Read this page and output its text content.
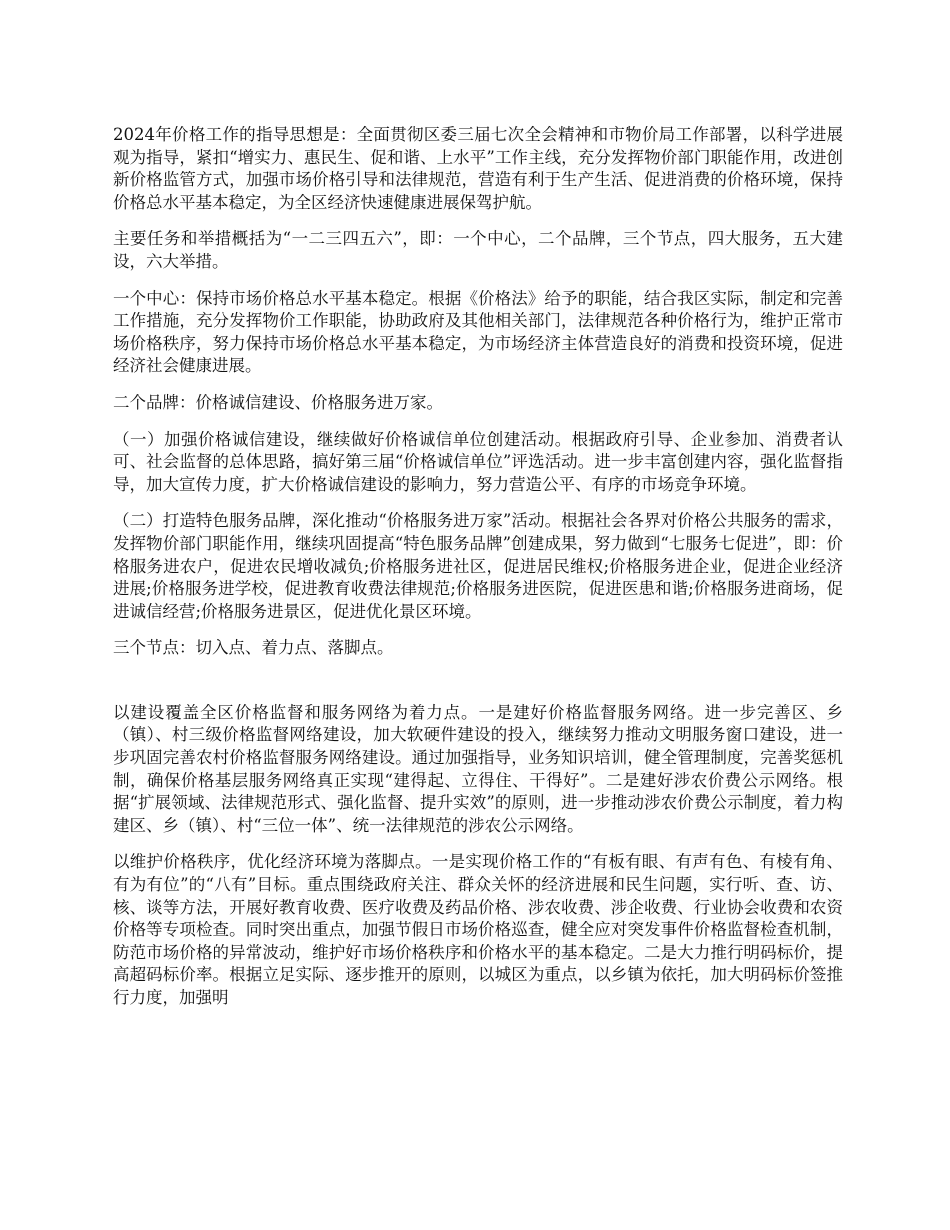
2024年价格工作的指导思想是：全面贯彻区委三届七次全会精神和市物价局工作部署，以科学进展观为指导，紧扣“增实力、惠民生、促和谐、上水平”工作主线，充分发挥物价部门职能作用，改进创新价格监管方式，加强市场价格引导和法律规范，营造有利于生产生活、促进消费的价格环境，保持价格总水平基本稳定，为全区经济快速健康进展保驾护航。

主要任务和举措概括为“一二三四五六”，即：一个中心，二个品牌，三个节点，四大服务，五大建设，六大举措。

一个中心：保持市场价格总水平基本稳定。根据《价格法》给予的职能，结合我区实际，制定和完善工作措施，充分发挥物价工作职能，协助政府及其他相关部门，法律规范各种价格行为，维护正常市场价格秩序，努力保持市场价格总水平基本稳定，为市场经济主体营造良好的消费和投资环境，促进经济社会健康进展。

二个品牌：价格诚信建设、价格服务进万家。

（一）加强价格诚信建设，继续做好价格诚信单位创建活动。根据政府引导、企业参加、消费者认可、社会监督的总体思路，搞好第三届“价格诚信单位”评选活动。进一步丰富创建内容，强化监督指导，加大宣传力度，扩大价格诚信建设的影响力，努力营造公平、有序的市场竞争环境。

（二）打造特色服务品牌，深化推动“价格服务进万家”活动。根据社会各界对价格公共服务的需求，发挥物价部门职能作用，继续巩固提高“特色服务品牌”创建成果，努力做到“七服务七促进”，即：价格服务进农户，促进农民增收减负;价格服务进社区，促进居民维权;价格服务进企业，促进企业经济进展;价格服务进学校，促进教育收费法律规范;价格服务进医院，促进医患和谐;价格服务进商场，促进诚信经营;价格服务进景区，促进优化景区环境。

三个节点：切入点、着力点、落脚点。

以建设覆盖全区价格监督和服务网络为着力点。一是建好价格监督服务网络。进一步完善区、乡（镇）、村三级价格监督网络建设，加大软硬件建设的投入，继续努力推动文明服务窗口建设，进一步巩固完善农村价格监督服务网络建设。通过加强指导，业务知识培训，健全管理制度，完善奖惩机制，确保价格基层服务网络真正实现“建得起、立得住、干得好”。二是建好涉农价费公示网络。根据“扩展领域、法律规范形式、强化监督、提升实效”的原则，进一步推动涉农价费公示制度，着力构建区、乡（镇）、村“三位一体”、统一法律规范的涉农公示网络。

以维护价格秩序，优化经济环境为落脚点。一是实现价格工作的“有板有眼、有声有色、有棱有角、有为有位”的“八有”目标。重点围绕政府关注、群众关怀的经济进展和民生问题，实行听、查、访、核、谈等方法，开展好教育收费、医疗收费及药品价格、涉农收费、涉企收费、行业协会收费和农资价格等专项检查。同时突出重点，加强节假日市场价格巡查，健全应对突发事件价格监督检查机制，防范市场价格的异常波动，维护好市场价格秩序和价格水平的基本稳定。二是大力推行明码标价，提高超码标价率。根据立足实际、逐步推开的原则，以城区为重点，以乡镇为依托，加大明码标价签推行力度，加强明
